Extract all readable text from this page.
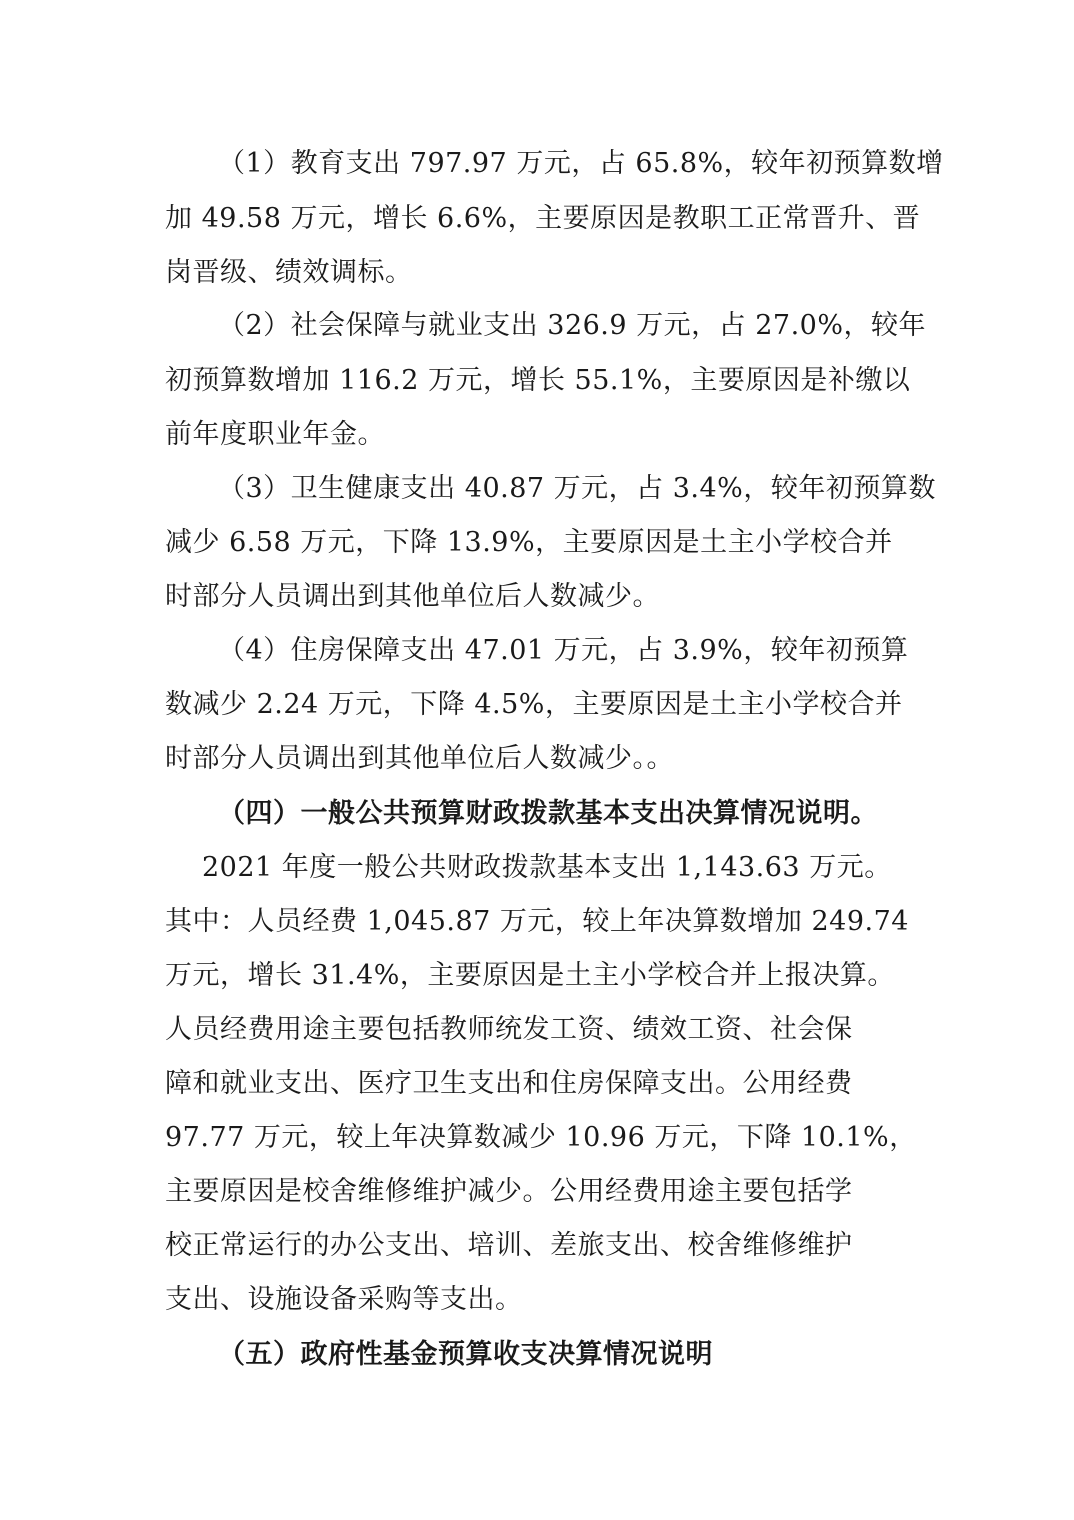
（1）教育支出 797.97 万元，占 65.8%，较年初预算数增
加 49.58 万元，增长 6.6%，主要原因是教职工正常晋升、晋
岗晋级、绩效调标。
（2）社会保障与就业支出 326.9 万元，占 27.0%，较年
初预算数增加 116.2 万元，增长 55.1%，主要原因是补缴以
前年度职业年金。
（3）卫生健康支出 40.87 万元，占 3.4%，较年初预算数
减少 6.58 万元，下降 13.9%，主要原因是土主小学校合并
时部分人员调出到其他单位后人数减少。
（4）住房保障支出 47.01 万元，占 3.9%，较年初预算
数减少 2.24 万元，下降 4.5%，主要原因是土主小学校合并
时部分人员调出到其他单位后人数减少。。
（四）一般公共预算财政拨款基本支出决算情况说明。
2021 年度一般公共财政拨款基本支出 1,143.63 万元。
其中：人员经费 1,045.87 万元，较上年决算数增加 249.74
万元，增长 31.4%，主要原因是土主小学校合并上报决算。
人员经费用途主要包括教师统发工资、绩效工资、社会保
障和就业支出、医疗卫生支出和住房保障支出。公用经费
97.77 万元，较上年决算数减少 10.96 万元，下降 10.1%，
主要原因是校舍维修维护减少。公用经费用途主要包括学
校正常运行的办公支出、培训、差旅支出、校舍维修维护
支出、设施设备采购等支出。
（五）政府性基金预算收支决算情况说明
